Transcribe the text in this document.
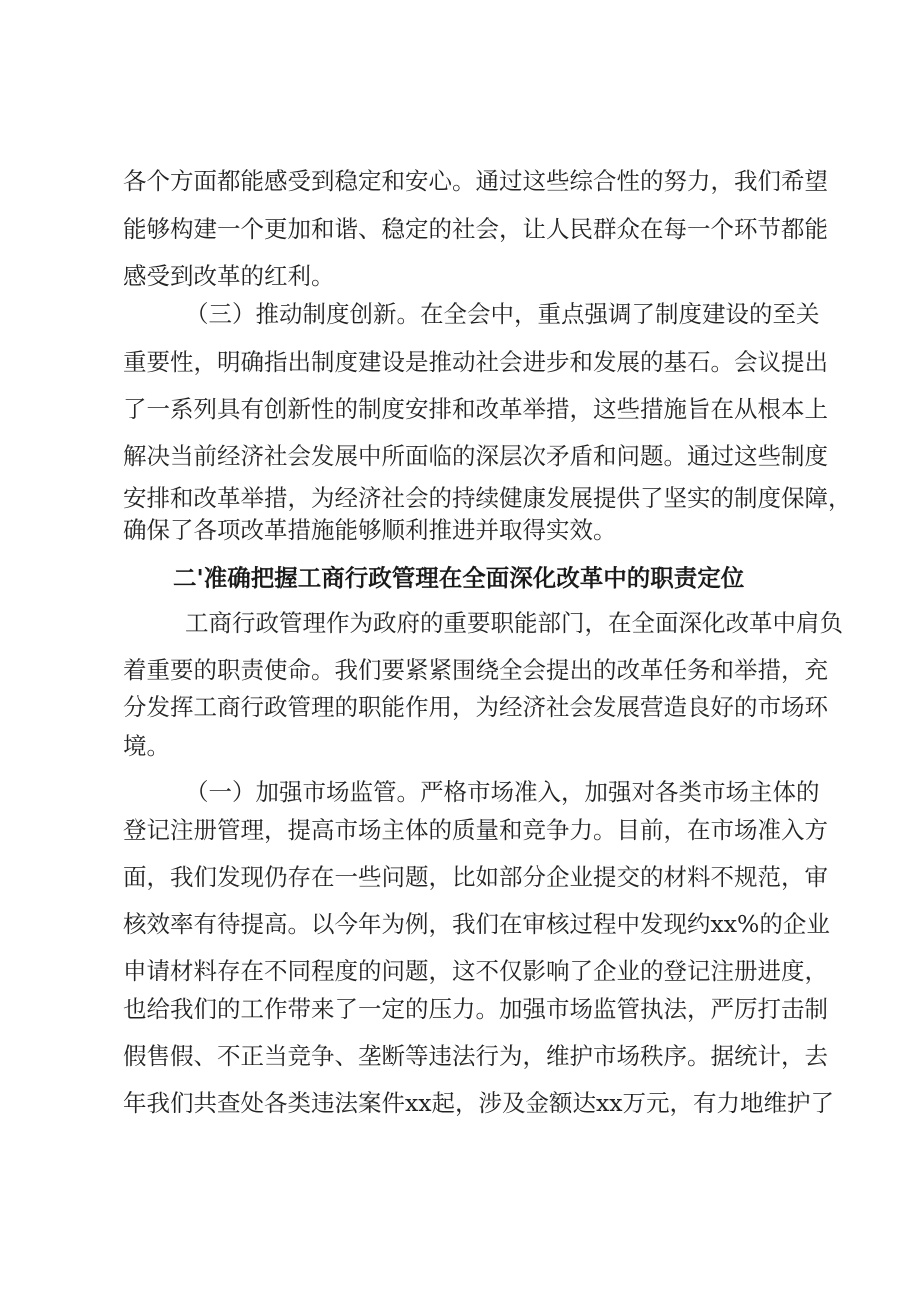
各个方面都能感受到稳定和安心。通过这些综合性的努力，我们希望

能够构建一个更加和谐、稳定的社会，让人民群众在每一个环节都能

感受到改革的红利。

（三）推动制度创新。在全会中，重点强调了制度建设的至关

重要性，明确指出制度建设是推动社会进步和发展的基石。会议提出

了一系列具有创新性的制度安排和改革举措，这些措施旨在从根本上

解决当前经济社会发展中所面临的深层次矛盾和问题。通过这些制度

安排和改革举措，为经济社会的持续健康发展提供了坚实的制度保障，

确保了各项改革措施能够顺利推进并取得实效。

二'准确把握工商行政管理在全面深化改革中的职责定位

工商行政管理作为政府的重要职能部门，在全面深化改革中肩负

着重要的职责使命。我们要紧紧围绕全会提出的改革任务和举措，充

分发挥工商行政管理的职能作用，为经济社会发展营造良好的市场环

境。

（一）加强市场监管。严格市场准入，加强对各类市场主体的

登记注册管理，提高市场主体的质量和竞争力。目前，在市场准入方

面，我们发现仍存在一些问题，比如部分企业提交的材料不规范，审

核效率有待提高。以今年为例，我们在审核过程中发现约xx%的企业

申请材料存在不同程度的问题，这不仅影响了企业的登记注册进度，

也给我们的工作带来了一定的压力。加强市场监管执法，严厉打击制

假售假、不正当竞争、垄断等违法行为，维护市场秩序。据统计，去

年我们共查处各类违法案件xx起，涉及金额达xx万元，有力地维护了
